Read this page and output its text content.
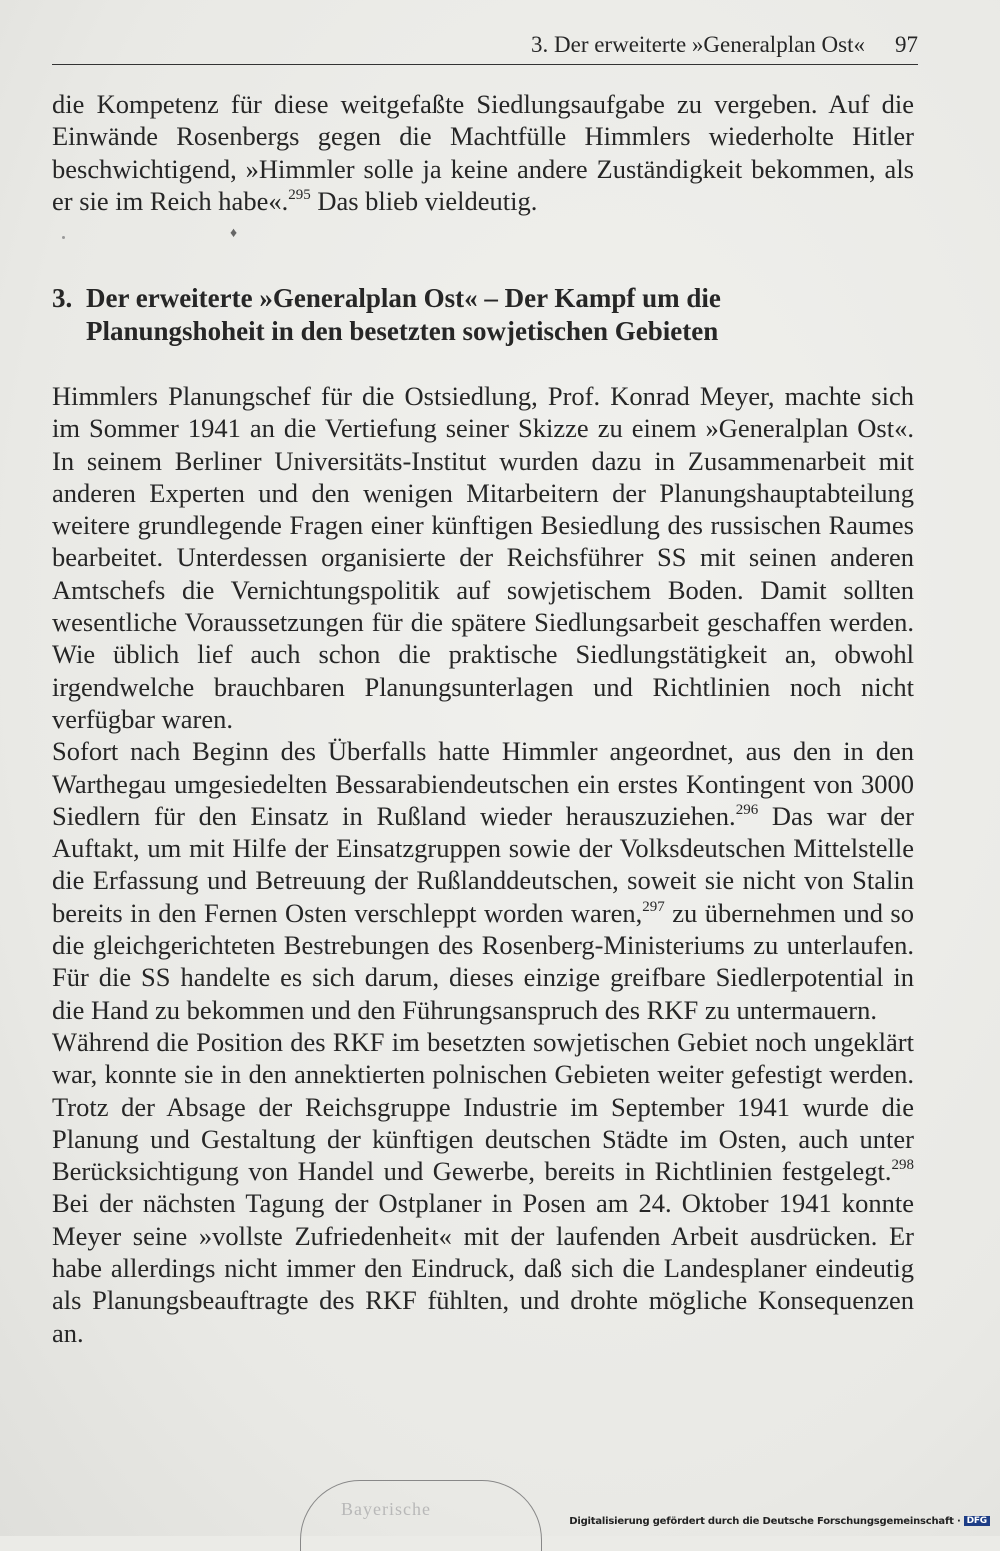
3. Der erweiterte »Generalplan Ost« 97

die Kompetenz für diese weitgefaßte Siedlungsaufgabe zu vergeben. Auf die Einwände Rosenbergs gegen die Machtfülle Himmlers wiederholte Hitler beschwichtigend, »Himmler solle ja keine andere Zuständigkeit bekommen, als er sie im Reich habe«.$^{295}$ Das blieb vieldeutig.

♦
3. Der erweiterte »Generalplan Ost« – Der Kampf um die
Planungshoheit in den besetzten sowjetischen Gebieten

Himmlers Planungschef für die Ostsiedlung, Prof. Konrad Meyer, machte sich im Sommer 1941 an die Vertiefung seiner Skizze zu einem »Generalplan Ost«. In seinem Berliner Universitäts-Institut wurden dazu in Zusammenarbeit mit anderen Experten und den wenigen Mitarbeitern der Planungshauptabteilung weitere grundlegende Fragen einer künftigen Besiedlung des russischen Raumes bearbeitet. Unterdessen organisierte der Reichsführer SS mit seinen anderen Amtschefs die Vernichtungspolitik auf sowjetischem Boden. Damit sollten wesentliche Voraussetzungen für die spätere Siedlungsarbeit geschaffen werden. Wie üblich lief auch schon die praktische Siedlungstätigkeit an, obwohl irgendwelche brauchbaren Planungsunterlagen und Richtlinien noch nicht verfügbar waren.

Sofort nach Beginn des Überfalls hatte Himmler angeordnet, aus den in den Warthegau umgesiedelten Bessarabiendeutschen ein erstes Kontingent von 3000 Siedlern für den Einsatz in Rußland wieder herauszuziehen.$^{296}$ Das war der Auftakt, um mit Hilfe der Einsatzgruppen sowie der Volksdeutschen Mittelstelle die Erfassung und Betreuung der Rußlanddeutschen, soweit sie nicht von Stalin bereits in den Fernen Osten verschleppt worden waren,$^{297}$ zu übernehmen und so die gleichgerichteten Bestrebungen des Rosenberg-Ministeriums zu unterlaufen. Für die SS handelte es sich darum, dieses einzige greifbare Siedlerpotential in die Hand zu bekommen und den Führungsanspruch des RKF zu untermauern.

Während die Position des RKF im besetzten sowjetischen Gebiet noch ungeklärt war, konnte sie in den annektierten polnischen Gebieten weiter gefestigt werden. Trotz der Absage der Reichsgruppe Industrie im September 1941 wurde die Planung und Gestaltung der künftigen deutschen Städte im Osten, auch unter Berücksichtigung von Handel und Gewerbe, bereits in Richtlinien festgelegt.$^{298}$ Bei der nächsten Tagung der Ostplaner in Posen am 24. Oktober 1941 konnte Meyer seine »vollste Zufriedenheit« mit der laufenden Arbeit ausdrücken. Er habe allerdings nicht immer den Eindruck, daß sich die Landesplaner eindeutig als Planungsbeauftragte des RKF fühlten, und drohte mögliche Konsequenzen an.

Bayerische
Digitalisierung gefördert durch die Deutsche Forschungsgemeinschaft · DFG
